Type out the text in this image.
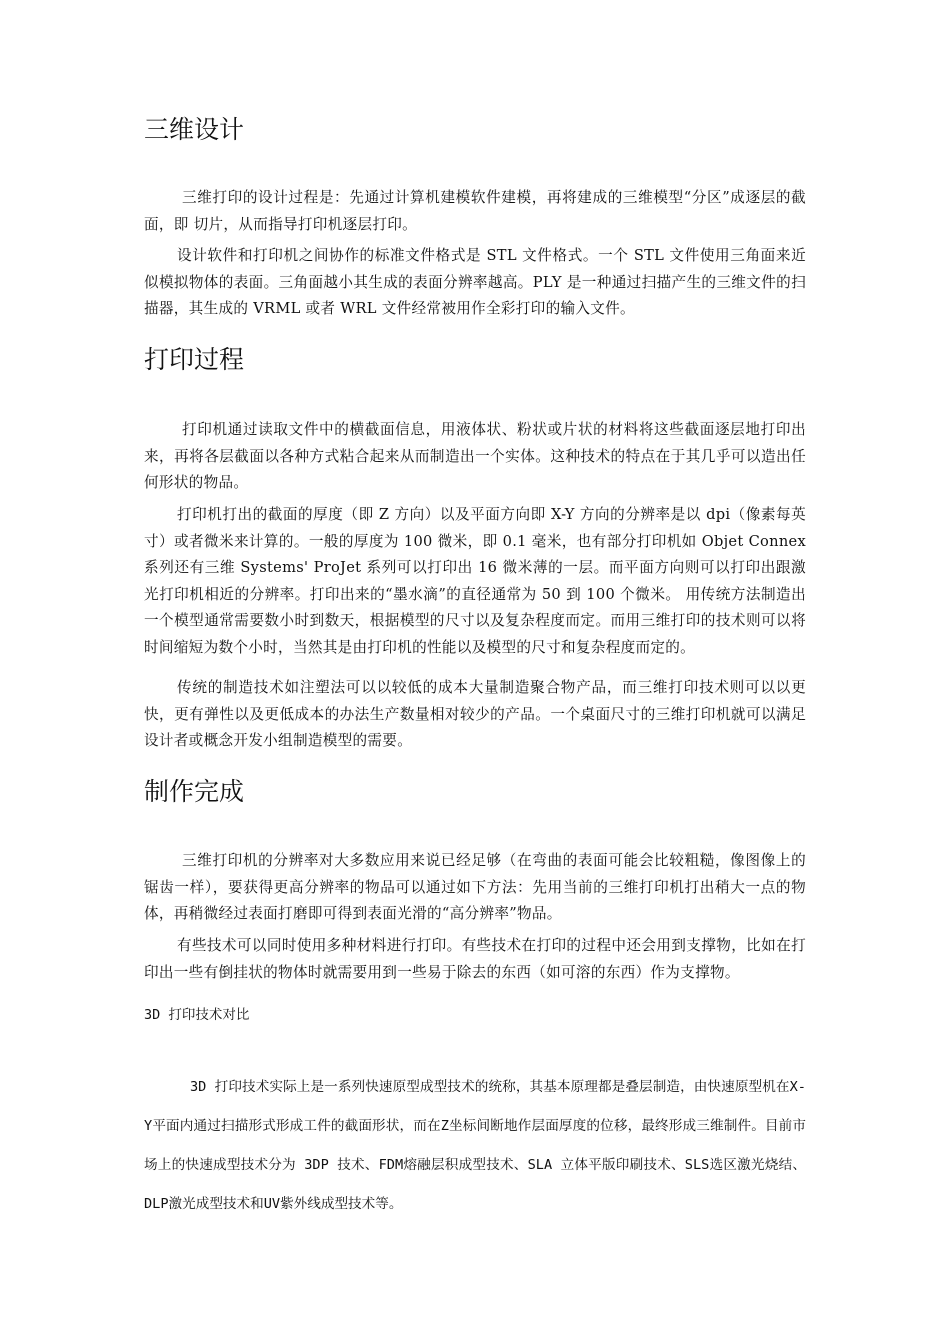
三维设计

三维打印的设计过程是：先通过计算机建模软件建模，再将建成的三维模型“分区”成逐层的截面，即 切片，从而指导打印机逐层打印。

设计软件和打印机之间协作的标准文件格式是 STL 文件格式。一个 STL 文件使用三角面来近似模拟物体的表面。三角面越小其生成的表面分辨率越高。PLY 是一种通过扫描产生的三维文件的扫描器，其生成的 VRML 或者 WRL 文件经常被用作全彩打印的输入文件。

打印过程

打印机通过读取文件中的横截面信息，用液体状、粉状或片状的材料将这些截面逐层地打印出来，再将各层截面以各种方式粘合起来从而制造出一个实体。这种技术的特点在于其几乎可以造出任何形状的物品。

打印机打出的截面的厚度（即 Z 方向）以及平面方向即 X-Y 方向的分辨率是以 dpi（像素每英寸）或者微米来计算的。一般的厚度为 100 微米，即 0.1 毫米，也有部分打印机如 Objet Connex 系列还有三维 Systems' ProJet 系列可以打印出 16 微米薄的一层。而平面方向则可以打印出跟激光打印机相近的分辨率。打印出来的“墨水滴”的直径通常为 50 到 100 个微米。 用传统方法制造出一个模型通常需要数小时到数天，根据模型的尺寸以及复杂程度而定。而用三维打印的技术则可以将时间缩短为数个小时，当然其是由打印机的性能以及模型的尺寸和复杂程度而定的。

传统的制造技术如注塑法可以以较低的成本大量制造聚合物产品，而三维打印技术则可以以更快，更有弹性以及更低成本的办法生产数量相对较少的产品。一个桌面尺寸的三维打印机就可以满足设计者或概念开发小组制造模型的需要。

制作完成

三维打印机的分辨率对大多数应用来说已经足够（在弯曲的表面可能会比较粗糙，像图像上的锯齿一样），要获得更高分辨率的物品可以通过如下方法：先用当前的三维打印机打出稍大一点的物体，再稍微经过表面打磨即可得到表面光滑的“高分辨率”物品。

有些技术可以同时使用多种材料进行打印。有些技术在打印的过程中还会用到支撑物，比如在打印出一些有倒挂状的物体时就需要用到一些易于除去的东西（如可溶的东西）作为支撑物。

3D 打印技术对比

3D 打印技术实际上是一系列快速原型成型技术的统称，其基本原理都是叠层制造，由快速原型机在X-Y平面内通过扫描形式形成工件的截面形状，而在Z坐标间断地作层面厚度的位移，最终形成三维制件。目前市场上的快速成型技术分为 3DP 技术、FDM熔融层积成型技术、SLA 立体平版印刷技术、SLS选区激光烧结、DLP激光成型技术和UV紫外线成型技术等。
